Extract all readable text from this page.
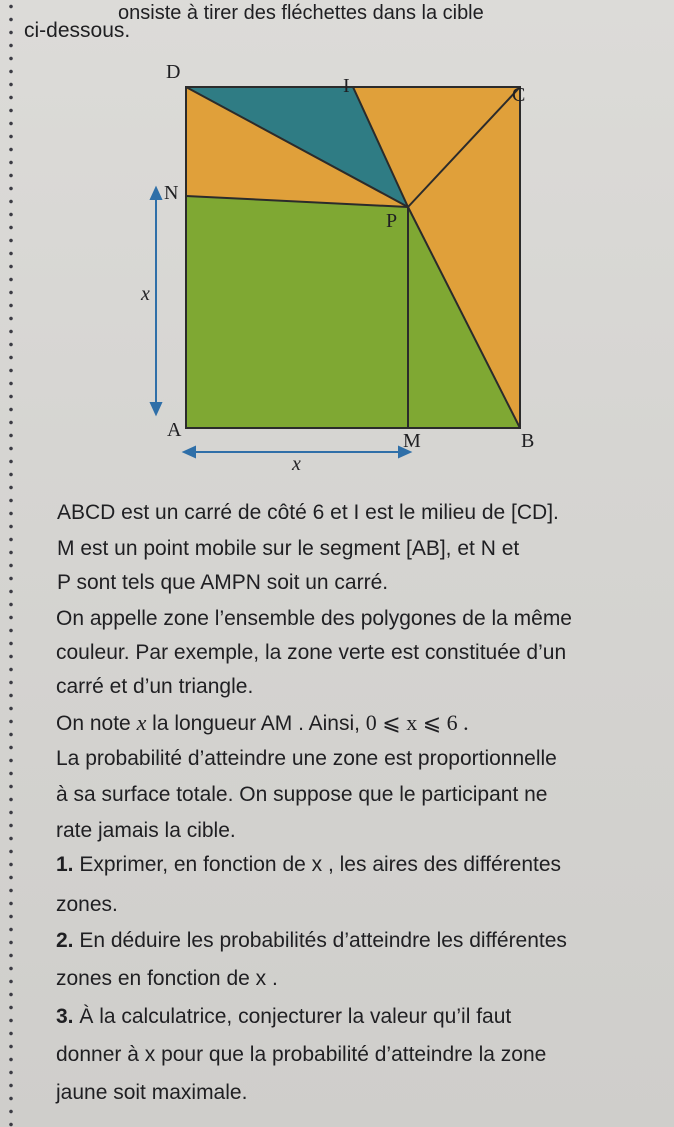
onsiste à tirer des fléchettes dans la cible
ci-dessous.
D
I	C
N
P
A	M	B
x
x
ABCD est un carré de côté 6 et I est le milieu de [CD].
M est un point mobile sur le segment [AB], et N et
P sont tels que AMPN soit un carré.
On appelle zone l’ensemble des polygones de la même
couleur. Par exemple, la zone verte est constituée d’un
carré et d’un triangle.
On note x la longueur AM . Ainsi, 0 ⩽ x ⩽ 6 .
La probabilité d’atteindre une zone est proportionnelle
à sa surface totale. On suppose que le participant ne
rate jamais la cible.
1. Exprimer, en fonction de x , les aires des différentes
zones.
2. En déduire les probabilités d’atteindre les différentes
zones en fonction de x .
3. À la calculatrice, conjecturer la valeur qu’il faut
donner à x pour que la probabilité d’atteindre la zone
jaune soit maximale.
